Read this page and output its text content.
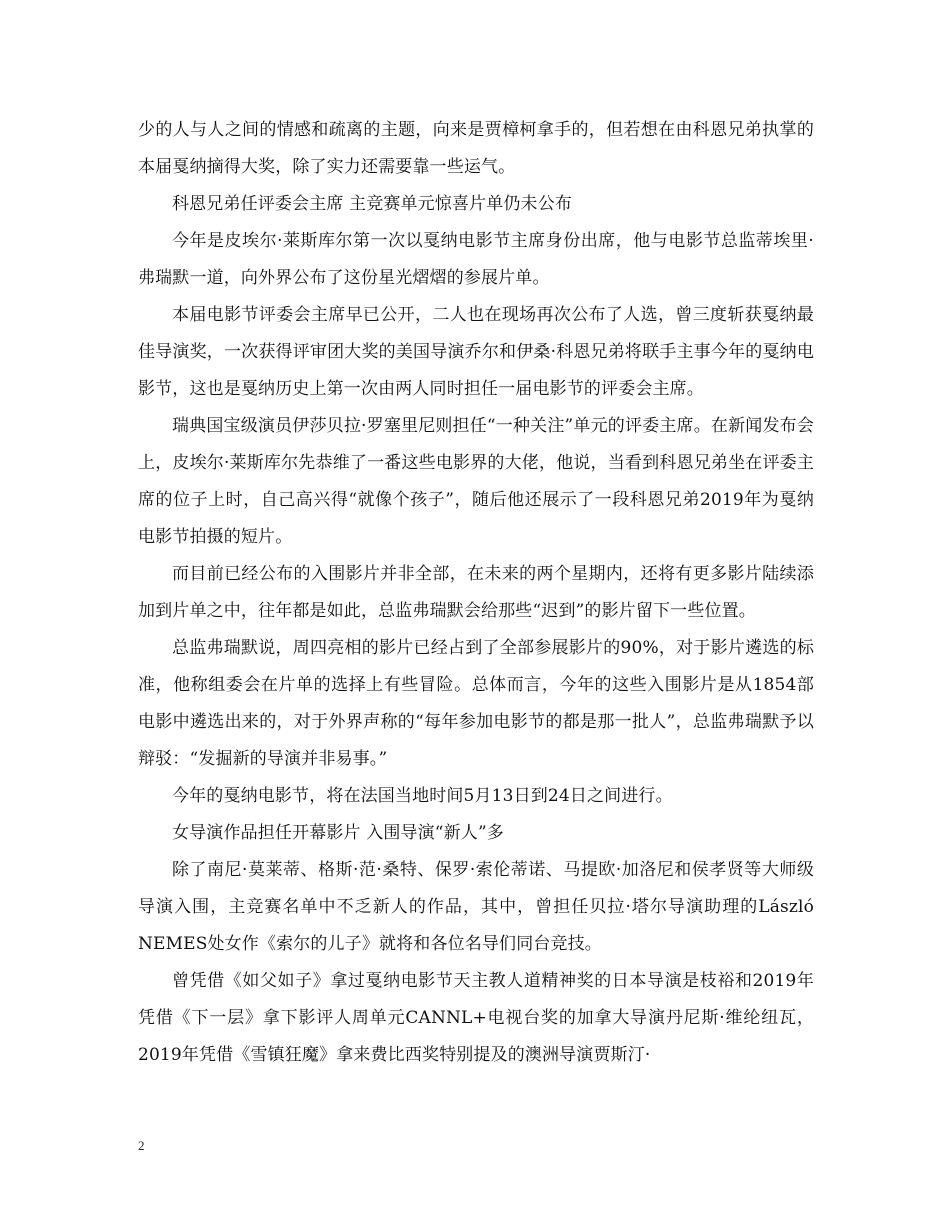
少的人与人之间的情感和疏离的主题，向来是贾樟柯拿手的，但若想在由科恩兄弟执掌的本届戛纳摘得大奖，除了实力还需要靠一些运气。

科恩兄弟任评委会主席 主竞赛单元惊喜片单仍未公布

今年是皮埃尔·莱斯库尔第一次以戛纳电影节主席身份出席，他与电影节总监蒂埃里·弗瑞默一道，向外界公布了这份星光熠熠的参展片单。

本届电影节评委会主席早已公开，二人也在现场再次公布了人选，曾三度斩获戛纳最佳导演奖，一次获得评审团大奖的美国导演乔尔和伊桑·科恩兄弟将联手主事今年的戛纳电影节，这也是戛纳历史上第一次由两人同时担任一届电影节的评委会主席。

瑞典国宝级演员伊莎贝拉·罗塞里尼则担任“一种关注”单元的评委主席。在新闻发布会上，皮埃尔·莱斯库尔先恭维了一番这些电影界的大佬，他说，当看到科恩兄弟坐在评委主席的位子上时，自己高兴得“就像个孩子”，随后他还展示了一段科恩兄弟2019年为戛纳电影节拍摄的短片。

而目前已经公布的入围影片并非全部，在未来的两个星期内，还将有更多影片陆续添加到片单之中，往年都是如此，总监弗瑞默会给那些“迟到”的影片留下一些位置。

总监弗瑞默说，周四亮相的影片已经占到了全部参展影片的90%，对于影片遴选的标准，他称组委会在片单的选择上有些冒险。总体而言，今年的这些入围影片是从1854部电影中遴选出来的，对于外界声称的“每年参加电影节的都是那一批人”，总监弗瑞默予以辩驳：“发掘新的导演并非易事。”

今年的戛纳电影节，将在法国当地时间5月13日到24日之间进行。

女导演作品担任开幕影片 入围导演“新人”多

除了南尼·莫莱蒂、格斯·范·桑特、保罗·索伦蒂诺、马提欧·加洛尼和侯孝贤等大师级导演入围，主竞赛名单中不乏新人的作品，其中，曾担任贝拉·塔尔导演助理的László NEMES处女作《索尔的儿子》就将和各位名导们同台竞技。

曾凭借《如父如子》拿过戛纳电影节天主教人道精神奖的日本导演是枝裕和2019年凭借《下一层》拿下影评人周单元CANNL+电视台奖的加拿大导演丹尼斯·维纶纽瓦，2019年凭借《雪镇狂魔》拿来费比西奖特别提及的澳洲导演贾斯汀·

2
